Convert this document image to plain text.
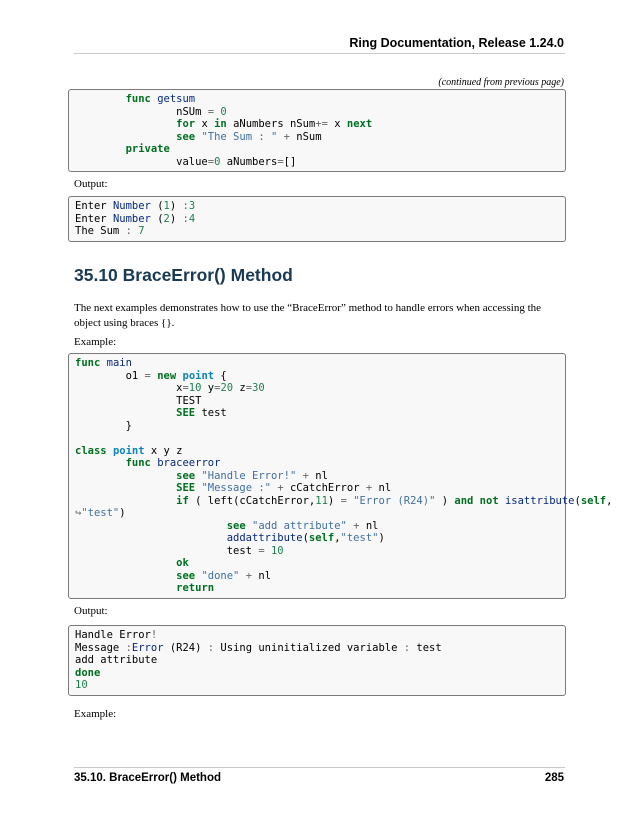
Ring Documentation, Release 1.24.0
(continued from previous page)
func getsum
nSUm = 0
for x in aNumbers nSum+= x next
see "The Sum : " + nSum
private
value=0 aNumbers=[]
Output:
Enter Number (1) :3
Enter Number (2) :4
The Sum : 7
35.10 BraceError() Method
The next examples demonstrates how to use the “BraceError” method to handle errors when accessing the object using braces {}.
Example:
func main
o1 = new point {
x=10 y=20 z=30
TEST
SEE test
}

class point x y z
func braceerror
see "Handle Error!" + nl
SEE "Message :" + cCatchError + nl
if ( left(cCatchError,11) = "Error (R24)" ) and not isattribute(self,
↪"test")
see "add attribute" + nl
addattribute(self,"test")
test = 10
ok
see "done" + nl
return
Output:
Handle Error!
Message :Error (R24) : Using uninitialized variable : test
add attribute
done
10
Example:
35.10. BraceError() Method	285
